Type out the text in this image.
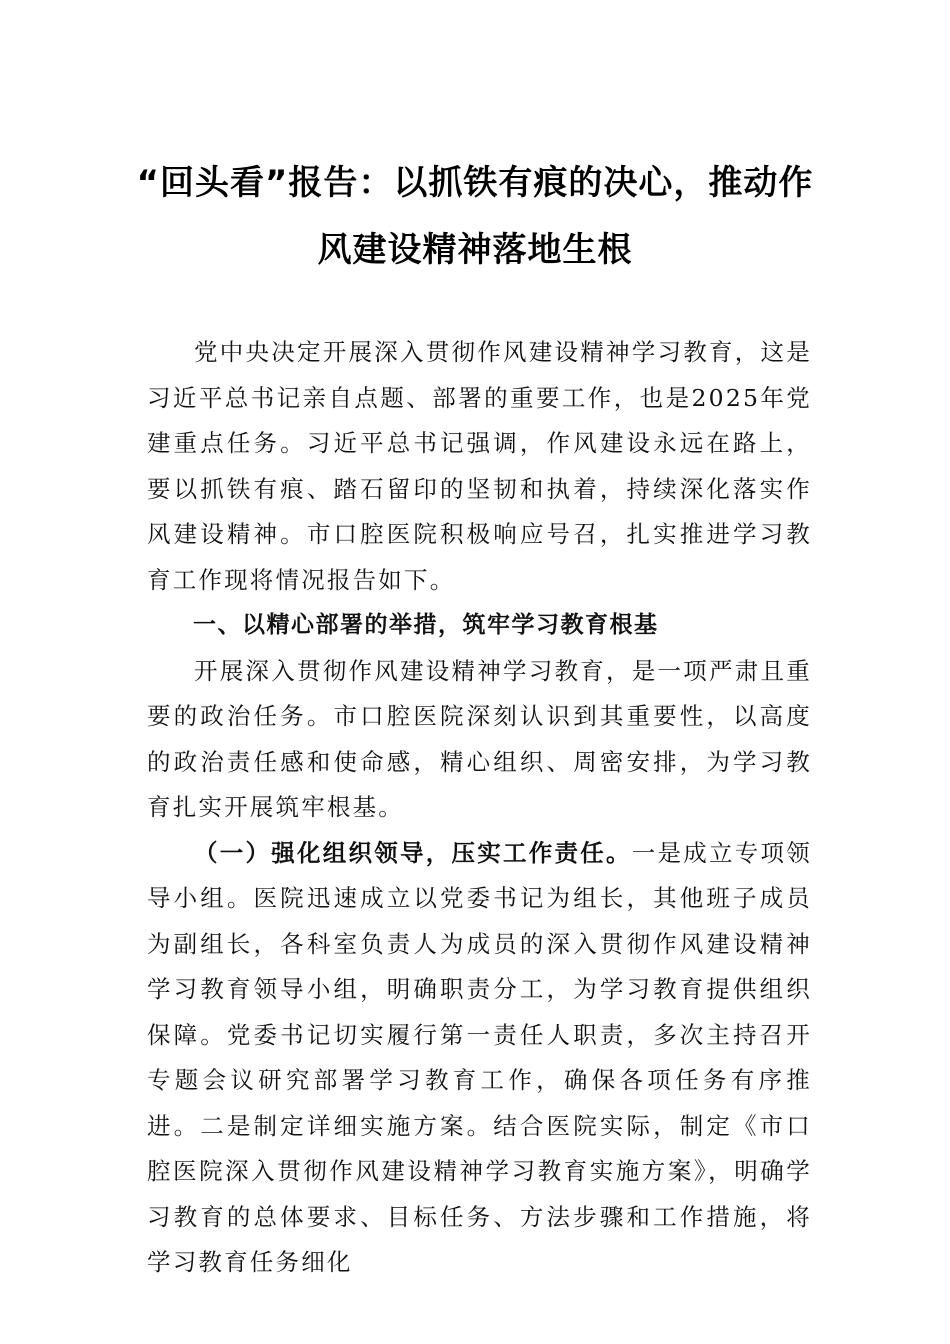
“回头看”报告：以抓铁有痕的决心，推动作风建设精神落地生根

党中央决定开展深入贯彻作风建设精神学习教育，这是习近平总书记亲自点题、部署的重要工作，也是2025年党建重点任务。习近平总书记强调，作风建设永远在路上，要以抓铁有痕、踏石留印的坚韧和执着，持续深化落实作风建设精神。市口腔医院积极响应号召，扎实推进学习教育工作现将情况报告如下。

一、以精心部署的举措，筑牢学习教育根基

开展深入贯彻作风建设精神学习教育，是一项严肃且重要的政治任务。市口腔医院深刻认识到其重要性，以高度的政治责任感和使命感，精心组织、周密安排，为学习教育扎实开展筑牢根基。

（一）强化组织领导，压实工作责任。一是成立专项领导小组。医院迅速成立以党委书记为组长，其他班子成员为副组长，各科室负责人为成员的深入贯彻作风建设精神学习教育领导小组，明确职责分工，为学习教育提供组织保障。党委书记切实履行第一责任人职责，多次主持召开专题会议研究部署学习教育工作，确保各项任务有序推进。二是制定详细实施方案。结合医院实际，制定《市口腔医院深入贯彻作风建设精神学习教育实施方案》，明确学习教育的总体要求、目标任务、方法步骤和工作措施，将学习教育任务细化
